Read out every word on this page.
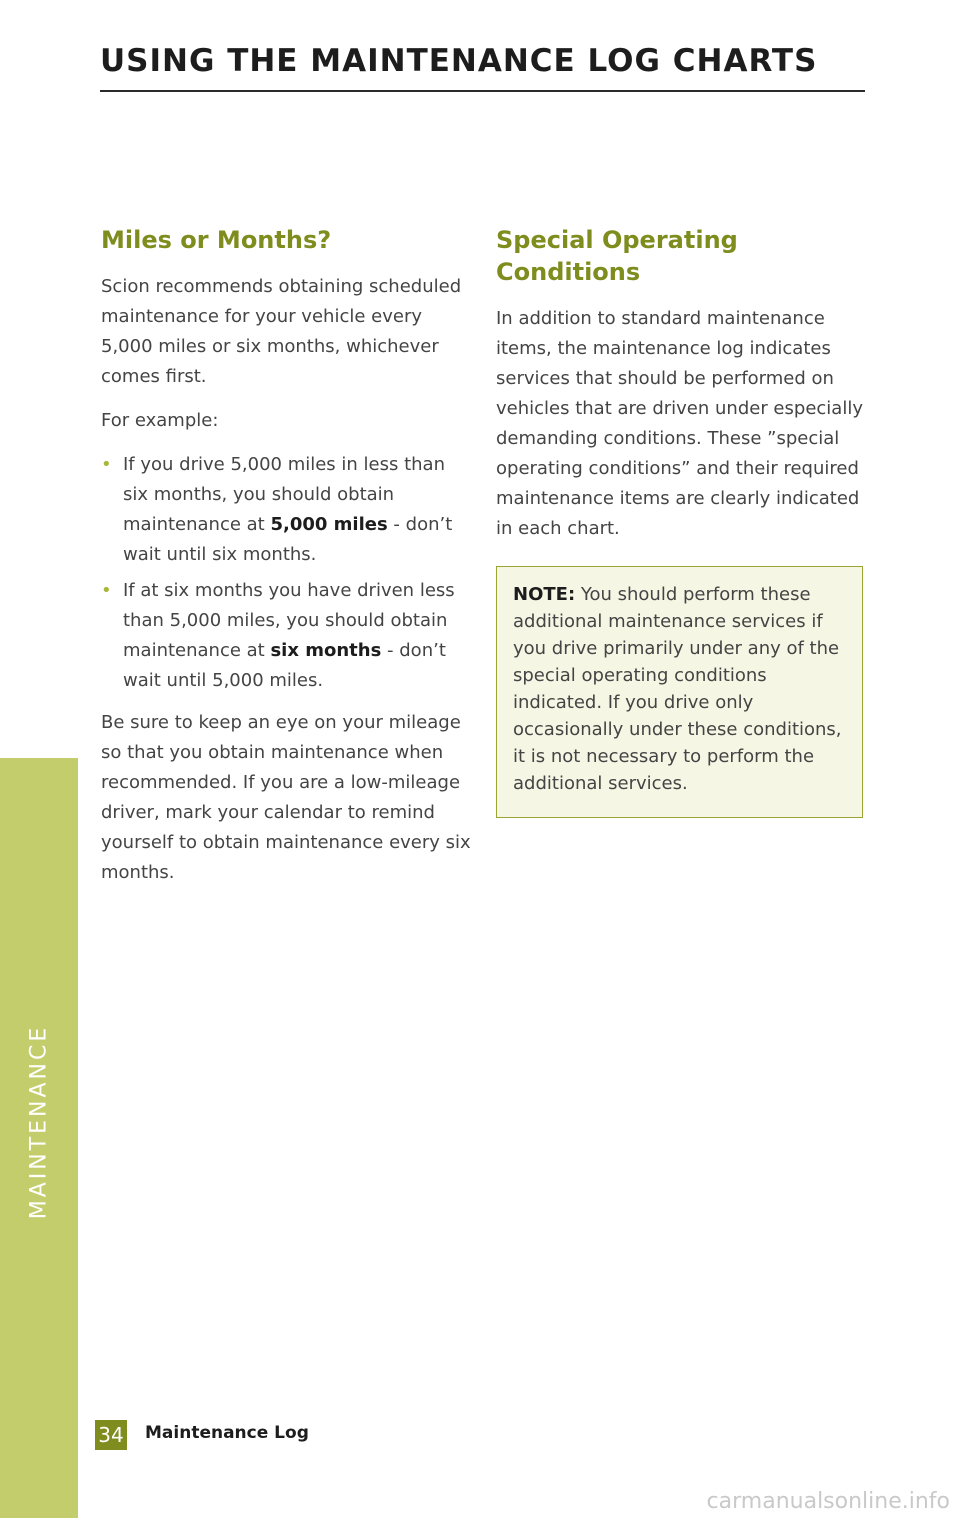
MAINTENANCE
USING THE MAINTENANCE LOG CHARTS
Miles or Months?

Scion recommends obtaining scheduled maintenance for your vehicle every 5,000 miles or six months, whichever comes first.

For example:

• If you drive 5,000 miles in less than six months, you should obtain maintenance at 5,000 miles - don’t wait until six months.
• If at six months you have driven less than 5,000 miles, you should obtain maintenance at six months - don’t wait until 5,000 miles.

Be sure to keep an eye on your mileage so that you obtain maintenance when recommended. If you are a low-mileage driver, mark your calendar to remind yourself to obtain maintenance every six months.

Special Operating Conditions

In addition to standard maintenance items, the maintenance log indicates services that should be performed on vehicles that are driven under especially demanding conditions. These ”special operating conditions” and their required maintenance items are clearly indicated in each chart.

NOTE: You should perform these additional maintenance services if you drive primarily under any of the special operating conditions indicated. If you drive only occasionally under these conditions, it is not necessary to perform the additional services.

34 Maintenance Log
carmanualsonline.info
